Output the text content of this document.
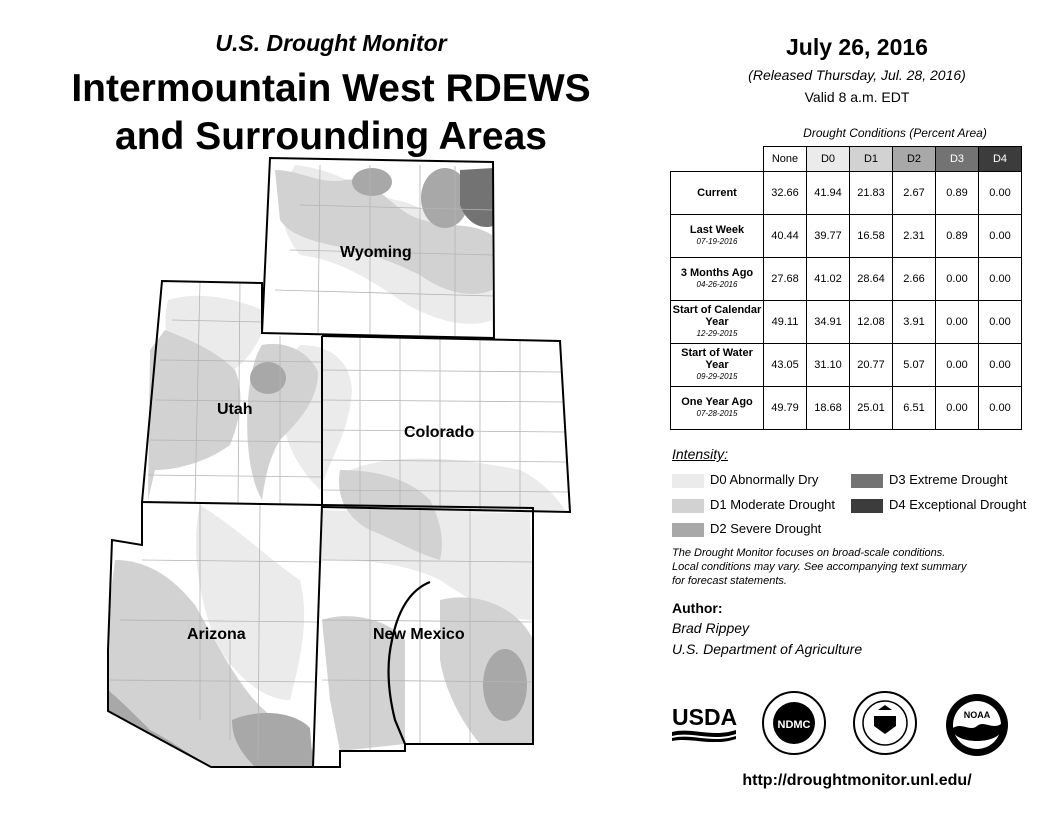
U.S. Drought Monitor
Intermountain West RDEWS
and Surrounding Areas
Wyoming
Utah
Colorado
Arizona	New Mexico
July 26, 2016
(Released Thursday, Jul. 28, 2016)
Valid 8 a.m. EDT
Drought Conditions (Percent Area)
	None	D0	D1	D2	D3	D4
Current	32.66	41.94	21.83	2.67	0.89	0.00
Last Week
07-19-2016	40.44	39.77	16.58	2.31	0.89	0.00
3 Months Ago
04-26-2016	27.68	41.02	28.64	2.66	0.00	0.00
Start of Calendar Year
12-29-2015	49.11	34.91	12.08	3.91	0.00	0.00
Start of Water Year
09-29-2015	43.05	31.10	20.77	5.07	0.00	0.00
One Year Ago
07-28-2015	49.79	18.68	25.01	6.51	0.00	0.00
Intensity:
D0 Abnormally Dry
D1 Moderate Drought
D2 Severe Drought
D3 Extreme Drought
D4 Exceptional Drought
The Drought Monitor focuses on broad-scale conditions.
Local conditions may vary. See accompanying text summary
for forecast statements.
Author:
Brad Rippey
U.S. Department of Agriculture
USDA	NDMC
NOAA
http://droughtmonitor.unl.edu/
